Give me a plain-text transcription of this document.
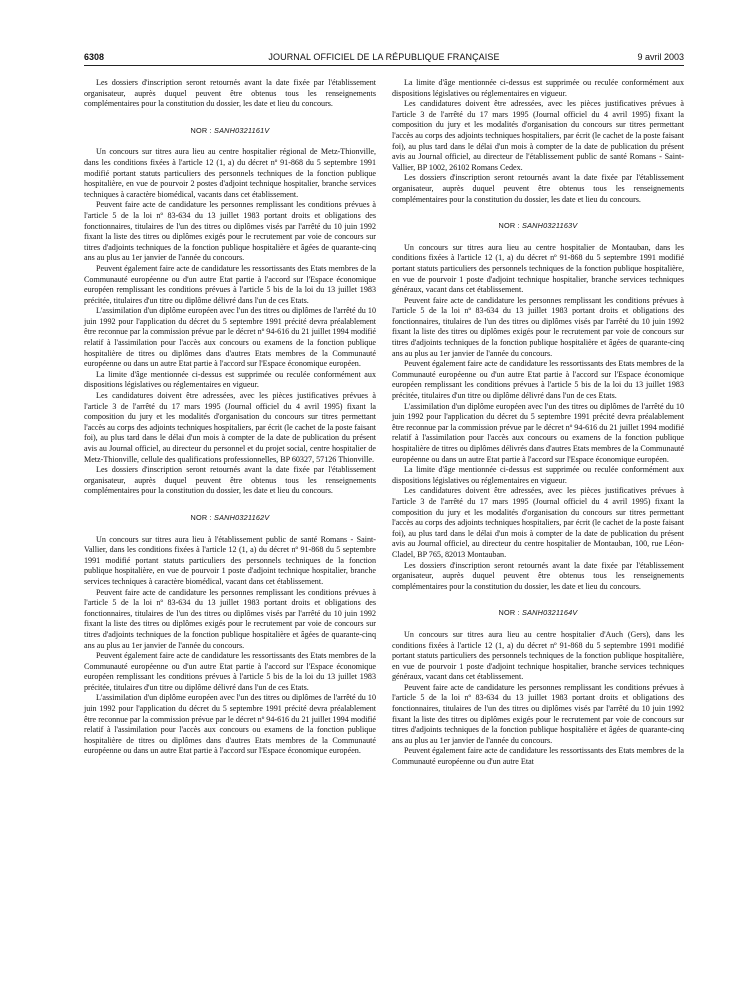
6308	JOURNAL OFFICIEL DE LA RÉPUBLIQUE FRANÇAISE	9 avril 2003

Les dossiers d'inscription seront retournés avant la date fixée par l'établissement organisateur, auprès duquel peuvent être obtenus tous les renseignements complémentaires pour la constitution du dossier, les date et lieu du concours.

NOR : SANH0321161V

Un concours sur titres aura lieu au centre hospitalier régional de Metz-Thionville, dans les conditions fixées à l'article 12 (1, a) du décret nº 91-868 du 5 septembre 1991 modifié portant statuts particuliers des personnels techniques de la fonction publique hospitalière, en vue de pourvoir 2 postes d'adjoint technique hospitalier, branche services techniques à caractère biomédical, vacants dans cet établissement.

Peuvent faire acte de candidature les personnes remplissant les conditions prévues à l'article 5 de la loi nº 83-634 du 13 juillet 1983 portant droits et obligations des fonctionnaires, titulaires de l'un des titres ou diplômes visés par l'arrêté du 10 juin 1992 fixant la liste des titres ou diplômes exigés pour le recrutement par voie de concours sur titres d'adjoints techniques de la fonction publique hospitalière et âgées de quarante-cinq ans au plus au 1er janvier de l'année du concours.

Peuvent également faire acte de candidature les ressortissants des Etats membres de la Communauté européenne ou d'un autre Etat partie à l'accord sur l'Espace économique européen remplissant les conditions prévues à l'article 5 bis de la loi du 13 juillet 1983 précitée, titulaires d'un titre ou diplôme délivré dans l'un de ces Etats.

L'assimilation d'un diplôme européen avec l'un des titres ou diplômes de l'arrêté du 10 juin 1992 pour l'application du décret du 5 septembre 1991 précité devra préalablement être reconnue par la commission prévue par le décret nº 94-616 du 21 juillet 1994 modifié relatif à l'assimilation pour l'accès aux concours ou examens de la fonction publique hospitalière de titres ou diplômes dans d'autres Etats membres de la Communauté européenne ou dans un autre Etat partie à l'accord sur l'Espace économique européen.

La limite d'âge mentionnée ci-dessus est supprimée ou reculée conformément aux dispositions législatives ou réglementaires en vigueur.

Les candidatures doivent être adressées, avec les pièces justificatives prévues à l'article 3 de l'arrêté du 17 mars 1995 (Journal officiel du 4 avril 1995) fixant la composition du jury et les modalités d'organisation du concours sur titres permettant l'accès au corps des adjoints techniques hospitaliers, par écrit (le cachet de la poste faisant foi), au plus tard dans le délai d'un mois à compter de la date de publication du présent avis au Journal officiel, au directeur du personnel et du projet social, centre hospitalier de Metz-Thionville, cellule des qualifications professionnelles, BP 60327, 57126 Thionville.

Les dossiers d'inscription seront retournés avant la date fixée par l'établissement organisateur, auprès duquel peuvent être obtenus tous les renseignements complémentaires pour la constitution du dossier, les date et lieu du concours.

NOR : SANH0321162V

Un concours sur titres aura lieu à l'établissement public de santé Romans - Saint-Vallier, dans les conditions fixées à l'article 12 (1, a) du décret nº 91-868 du 5 septembre 1991 modifié portant statuts particuliers des personnels techniques de la fonction publique hospitalière, en vue de pourvoir 1 poste d'adjoint technique hospitalier, branche services techniques à caractère biomédical, vacant dans cet établissement.

Peuvent faire acte de candidature les personnes remplissant les conditions prévues à l'article 5 de la loi nº 83-634 du 13 juillet 1983 portant droits et obligations des fonctionnaires, titulaires de l'un des titres ou diplômes visés par l'arrêté du 10 juin 1992 fixant la liste des titres ou diplômes exigés pour le recrutement par voie de concours sur titres d'adjoints techniques de la fonction publique hospitalière et âgées de quarante-cinq ans au plus au 1er janvier de l'année du concours.

Peuvent également faire acte de candidature les ressortissants des Etats membres de la Communauté européenne ou d'un autre Etat partie à l'accord sur l'Espace économique européen remplissant les conditions prévues à l'article 5 bis de la loi du 13 juillet 1983 précitée, titulaires d'un titre ou diplôme délivré dans l'un de ces Etats.

L'assimilation d'un diplôme européen avec l'un des titres ou diplômes de l'arrêté du 10 juin 1992 pour l'application du décret du 5 septembre 1991 précité devra préalablement être reconnue par la commission prévue par le décret nº 94-616 du 21 juillet 1994 modifié relatif à l'assimilation pour l'accès aux concours ou examens de la fonction publique hospitalière de titres ou diplômes dans d'autres Etats membres de la Communauté européenne ou dans un autre Etat partie à l'accord sur l'Espace économique européen.

La limite d'âge mentionnée ci-dessus est supprimée ou reculée conformément aux dispositions législatives ou réglementaires en vigueur.

Les candidatures doivent être adressées, avec les pièces justificatives prévues à l'article 3 de l'arrêté du 17 mars 1995 (Journal officiel du 4 avril 1995) fixant la composition du jury et les modalités d'organisation du concours sur titres permettant l'accès au corps des adjoints techniques hospitaliers, par écrit (le cachet de la poste faisant foi), au plus tard dans le délai d'un mois à compter de la date de publication du présent avis au Journal officiel, au directeur de l'établissement public de santé Romans - Saint-Vallier, BP 1002, 26102 Romans Cedex.

Les dossiers d'inscription seront retournés avant la date fixée par l'établissement organisateur, auprès duquel peuvent être obtenus tous les renseignements complémentaires pour la constitution du dossier, les date et lieu du concours.

NOR : SANH0321163V

Un concours sur titres aura lieu au centre hospitalier de Montauban, dans les conditions fixées à l'article 12 (1, a) du décret nº 91-868 du 5 septembre 1991 modifié portant statuts particuliers des personnels techniques de la fonction publique hospitalière, en vue de pourvoir 1 poste d'adjoint technique hospitalier, branche services techniques généraux, vacant dans cet établissement.

Peuvent faire acte de candidature les personnes remplissant les conditions prévues à l'article 5 de la loi nº 83-634 du 13 juillet 1983 portant droits et obligations des fonctionnaires, titulaires de l'un des titres ou diplômes visés par l'arrêté du 10 juin 1992 fixant la liste des titres ou diplômes exigés pour le recrutement par voie de concours sur titres d'adjoints techniques de la fonction publique hospitalière et âgées de quarante-cinq ans au plus au 1er janvier de l'année du concours.

Peuvent également faire acte de candidature les ressortissants des Etats membres de la Communauté européenne ou d'un autre Etat partie à l'accord sur l'Espace économique européen remplissant les conditions prévues à l'article 5 bis de la loi du 13 juillet 1983 précitée, titulaires d'un titre ou diplôme délivré dans l'un de ces Etats.

L'assimilation d'un diplôme européen avec l'un des titres ou diplômes de l'arrêté du 10 juin 1992 pour l'application du décret du 5 septembre 1991 précité devra préalablement être reconnue par la commission prévue par le décret nº 94-616 du 21 juillet 1994 modifié relatif à l'assimilation pour l'accès aux concours ou examens de la fonction publique hospitalière de titres ou diplômes délivrés dans d'autres Etats membres de la Communauté européenne ou dans un autre Etat partie à l'accord sur l'Espace économique européen.

La limite d'âge mentionnée ci-dessus est supprimée ou reculée conformément aux dispositions législatives ou réglementaires en vigueur.

Les candidatures doivent être adressées, avec les pièces justificatives prévues à l'article 3 de l'arrêté du 17 mars 1995 (Journal officiel du 4 avril 1995) fixant la composition du jury et les modalités d'organisation du concours sur titres permettant l'accès au corps des adjoints techniques hospitaliers, par écrit (le cachet de la poste faisant foi), au plus tard dans le délai d'un mois à compter de la date de publication du présent avis au Journal officiel, au directeur du centre hospitalier de Montauban, 100, rue Léon-Cladel, BP 765, 82013 Montauban.

Les dossiers d'inscription seront retournés avant la date fixée par l'établissement organisateur, auprès duquel peuvent être obtenus tous les renseignements complémentaires pour la constitution du dossier, les date et lieu du concours.

NOR : SANH0321164V

Un concours sur titres aura lieu au centre hospitalier d'Auch (Gers), dans les conditions fixées à l'article 12 (1, a) du décret nº 91-868 du 5 septembre 1991 modifié portant statuts particuliers des personnels techniques de la fonction publique hospitalière, en vue de pourvoir 1 poste d'adjoint technique hospitalier, branche services techniques généraux, vacant dans cet établissement.

Peuvent faire acte de candidature les personnes remplissant les conditions prévues à l'article 5 de la loi nº 83-634 du 13 juillet 1983 portant droits et obligations des fonctionnaires, titulaires de l'un des titres ou diplômes visés par l'arrêté du 10 juin 1992 fixant la liste des titres ou diplômes exigés pour le recrutement par voie de concours sur titres d'adjoints techniques de la fonction publique hospitalière et âgées de quarante-cinq ans au plus au 1er janvier de l'année du concours.

Peuvent également faire acte de candidature les ressortissants des Etats membres de la Communauté européenne ou d'un autre Etat
